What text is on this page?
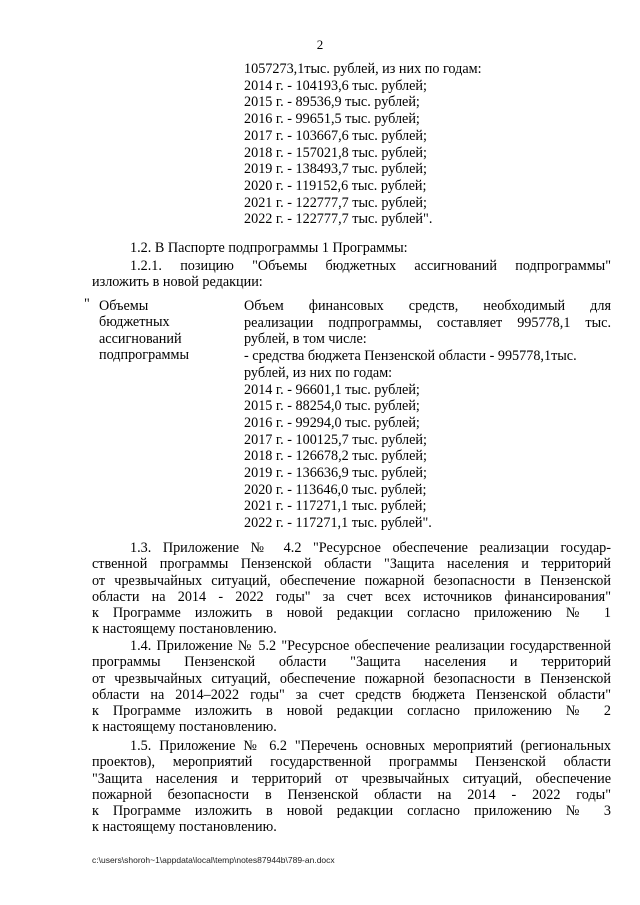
2
1057273,1тыс. рублей, из них по годам:
2014 г. - 104193,6 тыс. рублей;
2015 г. - 89536,9 тыс. рублей;
2016 г. - 99651,5 тыс. рублей;
2017 г. - 103667,6 тыс. рублей;
2018 г. - 157021,8 тыс. рублей;
2019 г. - 138493,7 тыс. рублей;
2020 г. - 119152,6 тыс. рублей;
2021 г. - 122777,7 тыс. рублей;
2022 г. - 122777,7 тыс. рублей".
1.2. В Паспорте подпрограммы 1 Программы:
1.2.1. позицию "Объемы бюджетных ассигнований подпрограммы"
изложить в новой редакции:
" Объемы
бюджетных
ассигнований
подпрограммы
Объем финансовых средств, необходимый для
реализации подпрограммы, составляет 995778,1 тыс.
рублей, в том числе:
- средства бюджета Пензенской области - 995778,1тыс.
рублей, из них по годам:
2014 г. - 96601,1 тыс. рублей;
2015 г. - 88254,0 тыс. рублей;
2016 г. - 99294,0 тыс. рублей;
2017 г. - 100125,7 тыс. рублей;
2018 г. - 126678,2 тыс. рублей;
2019 г. - 136636,9 тыс. рублей;
2020 г. - 113646,0 тыс. рублей;
2021 г. - 117271,1 тыс. рублей;
2022 г. - 117271,1 тыс. рублей".
1.3. Приложение № 4.2 "Ресурсное обеспечение реализации государ-
ственной программы Пензенской области "Защита населения и территорий
от чрезвычайных ситуаций, обеспечение пожарной безопасности в Пензенской
области на 2014 - 2022 годы" за счет всех источников финансирования"
к Программе изложить в новой редакции согласно приложению № 1
к настоящему постановлению.
1.4. Приложение № 5.2 "Ресурсное обеспечение реализации государственной
программы Пензенской области "Защита населения и территорий
от чрезвычайных ситуаций, обеспечение пожарной безопасности в Пензенской
области на 2014–2022 годы" за счет средств бюджета Пензенской области"
к Программе изложить в новой редакции согласно приложению № 2
к настоящему постановлению.
1.5. Приложение № 6.2 "Перечень основных мероприятий (региональных
проектов), мероприятий государственной программы Пензенской области
"Защита населения и территорий от чрезвычайных ситуаций, обеспечение
пожарной безопасности в Пензенской области на 2014 - 2022 годы"
к Программе изложить в новой редакции согласно приложению № 3
к настоящему постановлению.
c:\users\shoroh~1\appdata\local\temp\notes87944b\789-an.docx
